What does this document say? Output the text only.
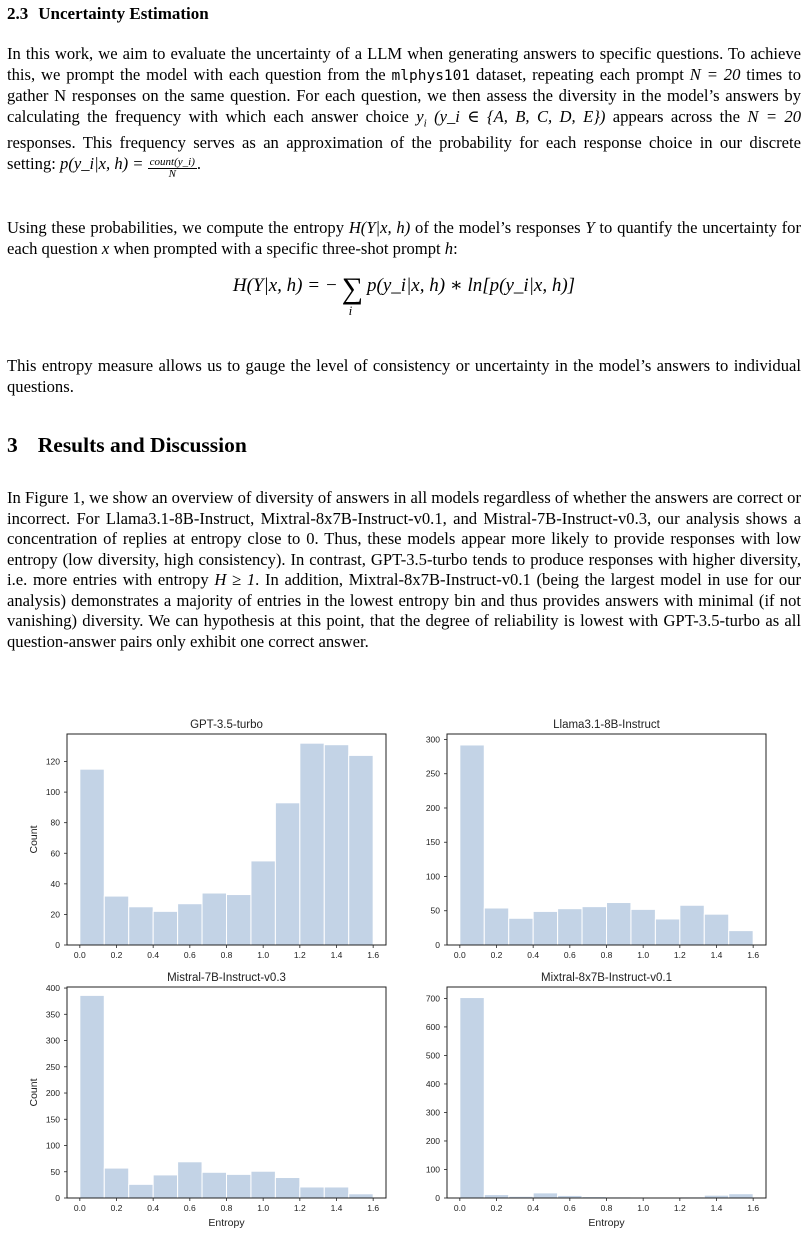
2.3 Uncertainty Estimation

In this work, we aim to evaluate the uncertainty of a LLM when generating answers to specific questions. To achieve this, we prompt the model with each question from the mlphys101 dataset, repeating each prompt N = 20 times to gather N responses on the same question. For each question, we then assess the diversity in the model’s answers by calculating the frequency with which each answer choice $y_i$ (y_i ∈ {A, B, C, D, E}) appears across the N = 20 responses. This frequency serves as an approximation of the probability for each response choice in our discrete setting: p(y_i|x, $h) = \frac{\text{count(y\_i)}}{N}$ .

Using these probabilities, we compute the entropy H(Y|x, h) of the model’s responses Y to quantify the uncertainty for each question x when prompted with a specific three-shot prompt h:

H(Y|x, h) = − ∑
i
p(y_i|x, h) ∗ ln[p(y_i|x, h)]

This entropy measure allows us to gauge the level of consistency or uncertainty in the model’s answers to individual questions.

3 Results and Discussion

In Figure 1, we show an overview of diversity of answers in all models regardless of whether the answers are correct or incorrect. For Llama3.1-8B-Instruct, Mixtral-8x7B-Instruct-v0.1, and Mistral-7B-Instruct-v0.3, our analysis shows a concentration of replies at entropy close to 0. Thus, these models appear more likely to provide responses with low entropy (low diversity, high consistency). In contrast, GPT-3.5-turbo tends to produce responses with higher diversity, i.e. more entries with entropy H ≥ 1. In addition, Mixtral-8x7B-Instruct-v0.1 (being the largest model in use for our analysis) demonstrates a majority of entries in the lowest entropy bin and thus provides answers with minimal (if not vanishing) diversity. We can hypothesis at this point, that the degree of reliability is lowest with GPT-3.5-turbo as all question-answer pairs only exhibit one correct answer.

GPT-3.5-turbo
0.0	0.2	0.4	0.6	0.8	1.0	1.2	1.4	1.6
0
20
40
60
80
100
120
Count
Llama3.1-8B-Instruct
0.0	0.2	0.4	0.6	0.8	1.0	1.2	1.4	1.6
0
50
100
150
200
250
300
Mistral-7B-Instruct-v0.3
0.0	0.2	0.4	0.6	0.8	1.0	1.2	1.4	1.6
0
50
100
150
200
250
300
350
400
Count
Entropy
Mixtral-8x7B-Instruct-v0.1
0.0	0.2	0.4	0.6	0.8	1.0	1.2	1.4	1.6
0
100
200
300
400
500
600
700
Entropy
